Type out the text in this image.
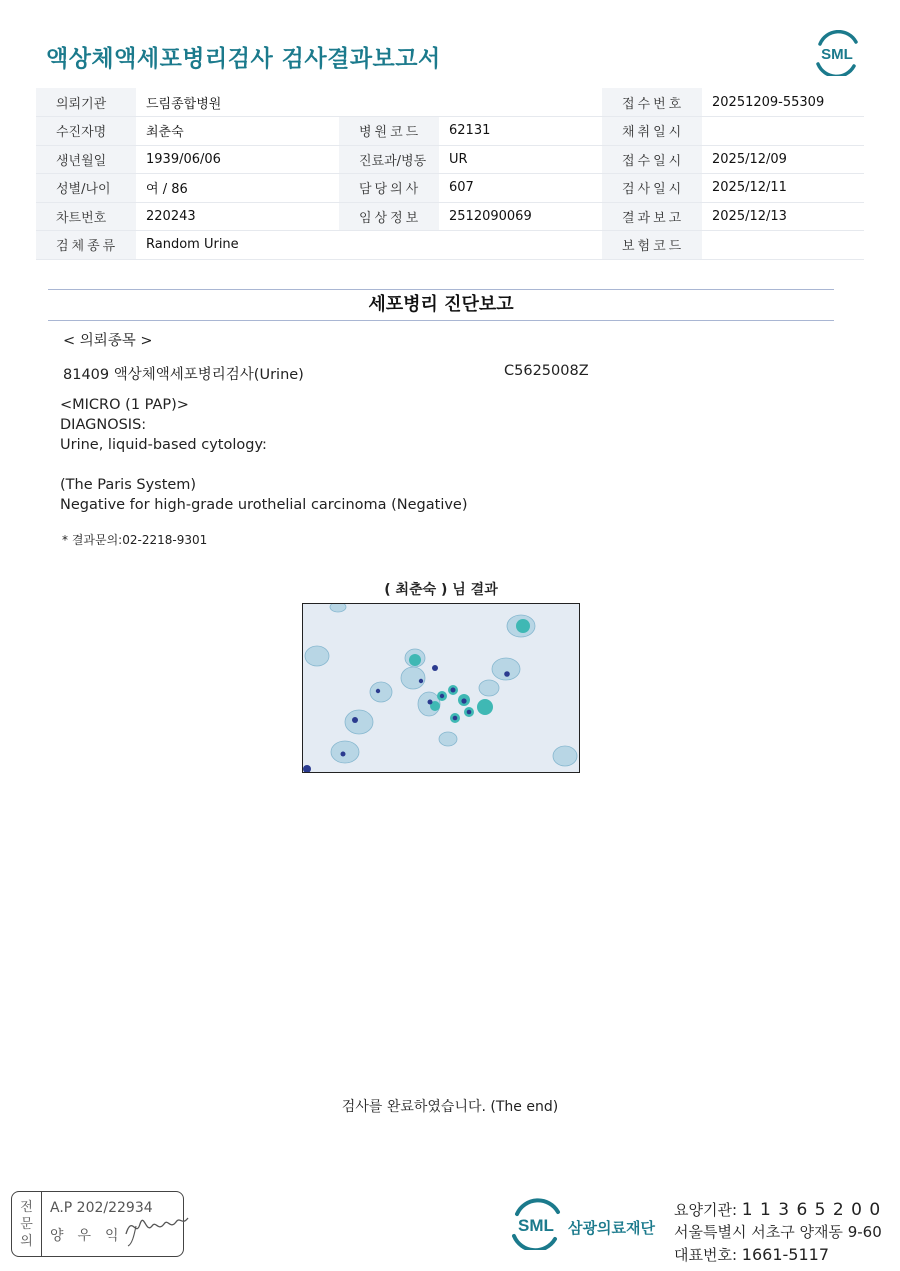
액상체액세포병리검사 검사결과보고서	SML
의뢰기관	드림종합병원			접수번호	20251209-55309
수진자명	최춘숙	병원코드	62131	채취일시	
생년월일	1939/06/06	진료과/병동	UR	접수일시	2025/12/09
성별/나이	여 / 86	담당의사	607	검사일시	2025/12/11
차트번호	220243	임상정보	2512090069	결과보고	2025/12/13
검체종류	Random Urine			보험코드	
세포병리 진단보고
< 의뢰종목 >
81409 액상체액세포병리검사(Urine)	C5625008Z
<MICRO (1 PAP)>
DIAGNOSIS:
Urine, liquid-based cytology:
(The Paris System)
Negative for high-grade urothelial carcinoma (Negative)
* 결과문의:02-2218-9301
( 최춘숙 ) 님 결과
검사를 완료하였습니다. (The end)
전
문
의
A.P 202/22934
양우익
SML 삼광의료재단
요양기관: 1 1 3 6 5 2 0 0
서울특별시 서초구 양재동 9-60
대표번호: 1661-5117
